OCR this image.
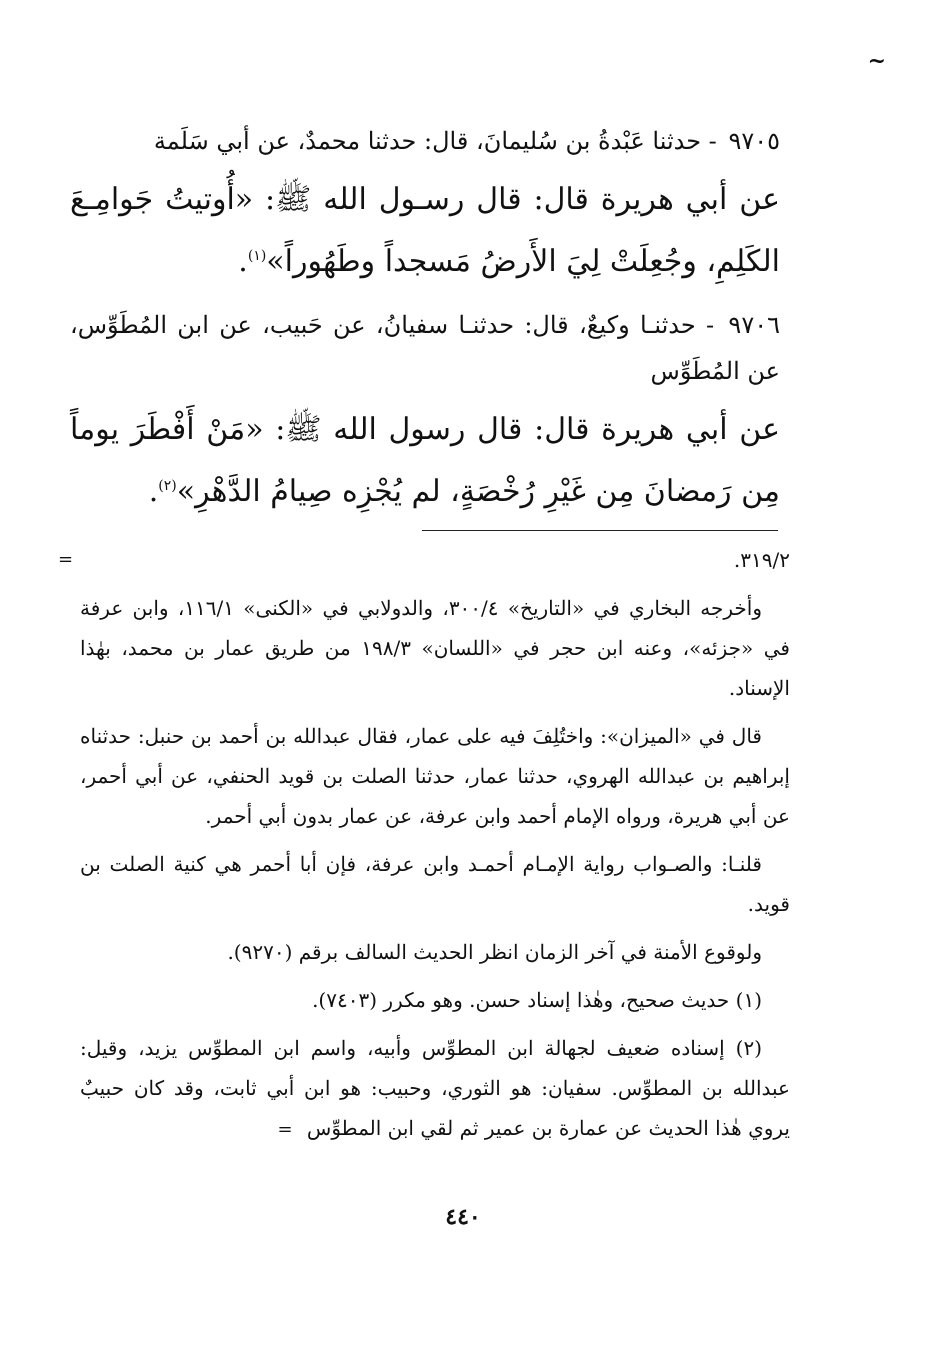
~

٩٧٠٥ - حدثنا عَبْدةُ بن سُليمانَ، قال: حدثنا محمدٌ، عن أبي سَلَمة

عن أبي هريرة قال: قال رسـول الله ﷺ: «أُوتيتُ جَوامِـعَ الكَلِمِ، وجُعِلَتْ لِيَ الأَرضُ مَسجداً وطَهُوراً»$^{(١)}$.

٩٧٠٦ - حدثنـا وكيعٌ، قال: حدثنـا سفيانُ، عن حَبيب، عن ابن المُطَوِّس، عن المُطَوِّس

عن أبي هريرة قال: قال رسول الله ﷺ: «مَنْ أَفْطَرَ يوماً مِن رَمضانَ مِن غَيْرِ رُخْصَةٍ، لم يُجْزِه صِيامُ الدَّهْرِ»$^{(٢)}$.

٣١٩/٢.
=

وأخرجه البخاري في «التاريخ» ٣٠٠/٤، والدولابي في «الكنى» ١١٦/١، وابن عرفة في «جزئه»، وعنه ابن حجر في «اللسان» ١٩٨/٣ من طريق عمار بن محمد، بهٰذا الإسناد.

قال في «الميزان»: واختُلِفَ فيه على عمار، فقال عبدالله بن أحمد بن حنبل: حدثناه إبراهيم بن عبدالله الهروي، حدثنا عمار، حدثنا الصلت بن قويد الحنفي، عن أبي أحمر، عن أبي هريرة، ورواه الإمام أحمد وابن عرفة، عن عمار بدون أبي أحمر.

قلنـا: والصـواب رواية الإمـام أحمـد وابن عرفة، فإن أبا أحمر هي كنية الصلت بن قويد.

ولوقوع الأمنة في آخر الزمان انظر الحديث السالف برقم (٩٢٧٠).

(١) حديث صحيح، وهٰذا إسناد حسن. وهو مكرر (٧٤٠٣).

(٢) إسناده ضعيف لجهالة ابن المطوِّس وأبيه، واسم ابن المطوِّس يزيد، وقيل: عبدالله بن المطوِّس. سفيان: هو الثوري، وحبيب: هو ابن أبي ثابت، وقد كان حبيبٌ يروي هٰذا الحديث عن عمارة بن عمير ثم لقي ابن المطوِّس =

٤٤٠
